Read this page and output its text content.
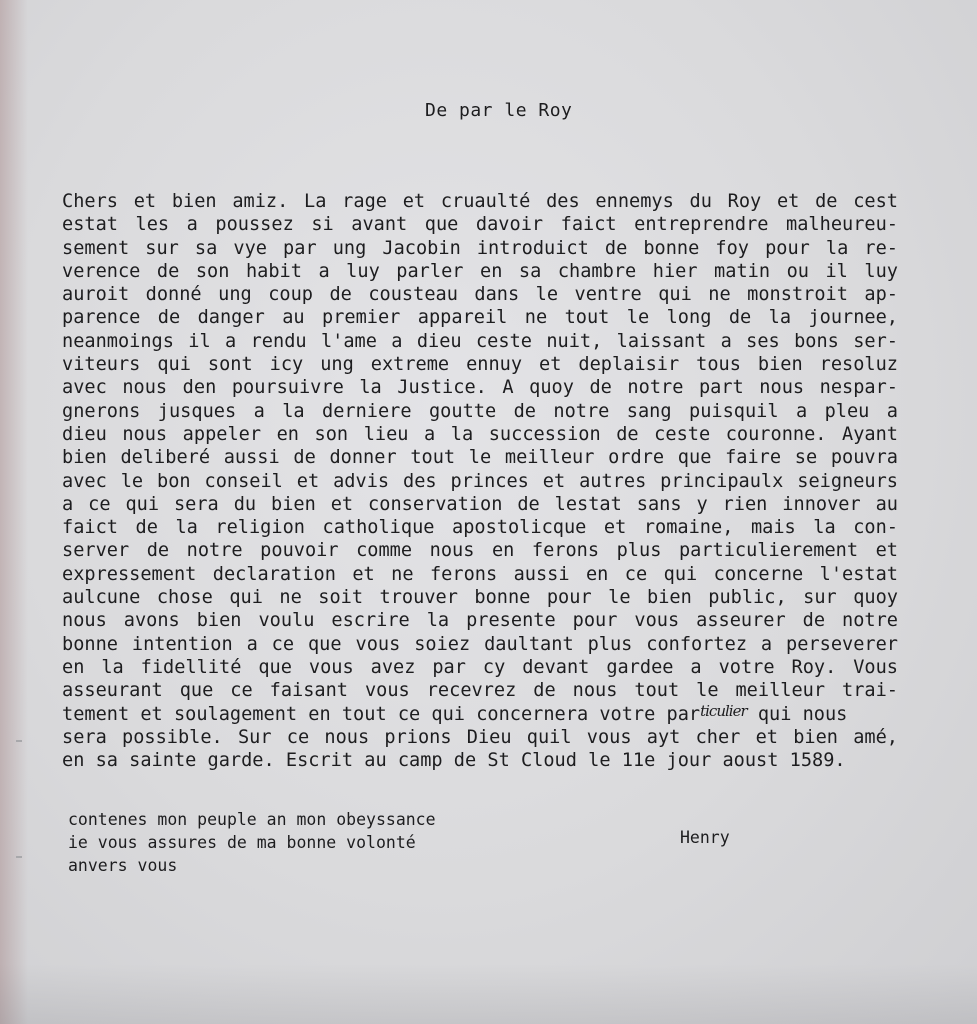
De par le Roy

Chers et bien amiz. La rage et cruaulté des ennemys du Roy et de cest
estat les a poussez si avant que davoir faict entreprendre malheureu-
sement sur sa vye par ung Jacobin introduict de bonne foy pour la re-
verence de son habit a luy parler en sa chambre hier matin ou il luy
auroit donné ung coup de cousteau dans le ventre qui ne monstroit ap-
parence de danger au premier appareil ne tout le long de la journee,
neanmoings il a rendu l'ame a dieu ceste nuit, laissant a ses bons ser-
viteurs qui sont icy ung extreme ennuy et deplaisir tous bien resoluz
avec nous den poursuivre la Justice. A quoy de notre part nous nespar-
gnerons jusques a la derniere goutte de notre sang puisquil a pleu a
dieu nous appeler en son lieu a la succession de ceste couronne. Ayant
bien deliberé aussi de donner tout le meilleur ordre que faire se pouvra
avec le bon conseil et advis des princes et autres principaulx seigneurs
a ce qui sera du bien et conservation de lestat sans y rien innover au
faict de la religion catholique apostolicque et romaine, mais la con-
server de notre pouvoir comme nous en ferons plus particulierement et
expressement declaration et ne ferons aussi en ce qui concerne l'estat
aulcune chose qui ne soit trouver bonne pour le bien public, sur quoy
nous avons bien voulu escrire la presente pour vous asseurer de notre
bonne intention a ce que vous soiez daultant plus confortez a perseverer
en la fidellité que vous avez par cy devant gardee a votre Roy. Vous
asseurant que ce faisant vous recevrez de nous tout le meilleur trai-
tement et soulagement en tout ce qui concernera votre par$^{ticulier}$ qui nous
sera possible. Sur ce nous prions Dieu quil vous ayt cher et bien amé,
en sa sainte garde. Escrit au camp de St Cloud le 11e jour aoust 1589.
contenes mon peuple an mon obeyssance
ie vous assures de ma bonne volonté
anvers vous

Henry
